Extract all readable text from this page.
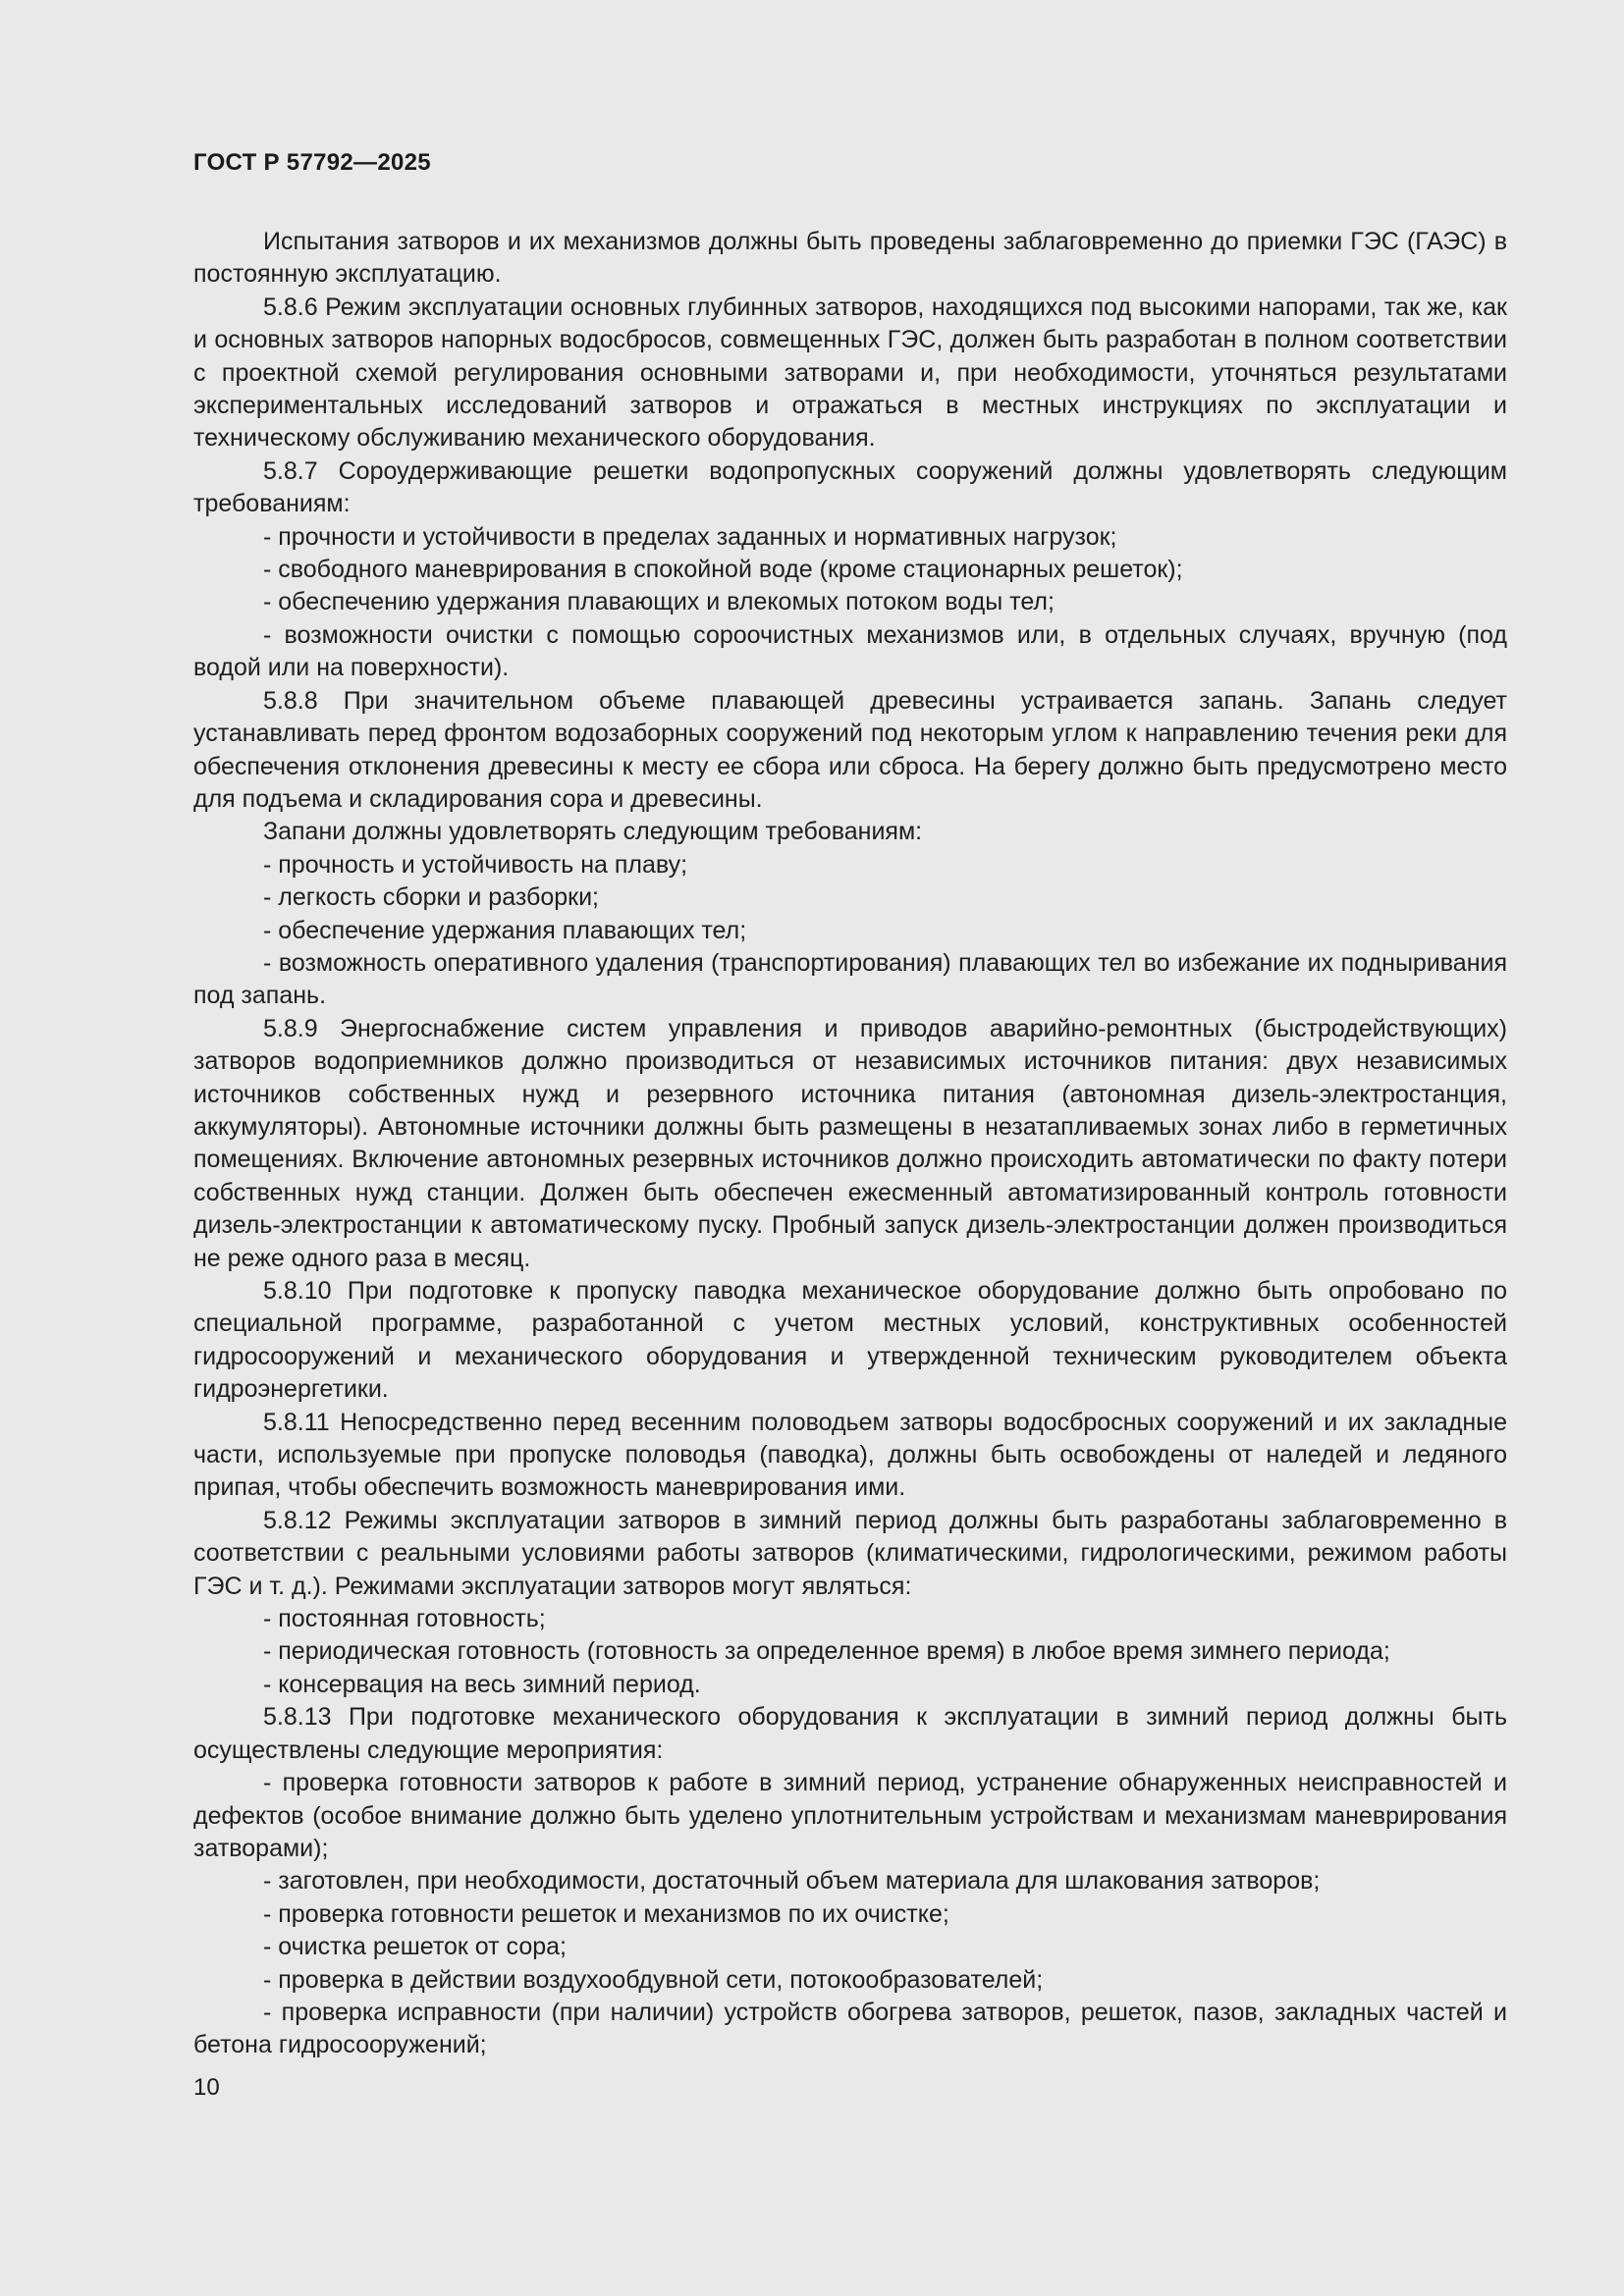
ГОСТ Р 57792—2025

Испытания затворов и их механизмов должны быть проведены заблаговременно до приемки ГЭС (ГАЭС) в постоянную эксплуатацию.

5.8.6 Режим эксплуатации основных глубинных затворов, находящихся под высокими напорами, так же, как и основных затворов напорных водосбросов, совмещенных ГЭС, должен быть разработан в полном соответствии с проектной схемой регулирования основными затворами и, при необходимости, уточняться результатами экспериментальных исследований затворов и отражаться в местных инструкциях по эксплуатации и техническому обслуживанию механического оборудования.

5.8.7 Сороудерживающие решетки водопропускных сооружений должны удовлетворять следующим требованиям:

- прочности и устойчивости в пределах заданных и нормативных нагрузок;

- свободного маневрирования в спокойной воде (кроме стационарных решеток);

- обеспечению удержания плавающих и влекомых потоком воды тел;

- возможности очистки с помощью сороочистных механизмов или, в отдельных случаях, вручную (под водой или на поверхности).

5.8.8 При значительном объеме плавающей древесины устраивается запань. Запань следует устанавливать перед фронтом водозаборных сооружений под некоторым углом к направлению течения реки для обеспечения отклонения древесины к месту ее сбора или сброса. На берегу должно быть предусмотрено место для подъема и складирования сора и древесины.

Запани должны удовлетворять следующим требованиям:

- прочность и устойчивость на плаву;

- легкость сборки и разборки;

- обеспечение удержания плавающих тел;

- возможность оперативного удаления (транспортирования) плавающих тел во избежание их подныривания под запань.

5.8.9 Энергоснабжение систем управления и приводов аварийно-ремонтных (быстродействующих) затворов водоприемников должно производиться от независимых источников питания: двух независимых источников собственных нужд и резервного источника питания (автономная дизель-электростанция, аккумуляторы). Автономные источники должны быть размещены в незатапливаемых зонах либо в герметичных помещениях. Включение автономных резервных источников должно происходить автоматически по факту потери собственных нужд станции. Должен быть обеспечен ежесменный автоматизированный контроль готовности дизель-электростанции к автоматическому пуску. Пробный запуск дизель-электростанции должен производиться не реже одного раза в месяц.

5.8.10 При подготовке к пропуску паводка механическое оборудование должно быть опробовано по специальной программе, разработанной с учетом местных условий, конструктивных особенностей гидросооружений и механического оборудования и утвержденной техническим руководителем объекта гидроэнергетики.

5.8.11 Непосредственно перед весенним половодьем затворы водосбросных сооружений и их закладные части, используемые при пропуске половодья (паводка), должны быть освобождены от наледей и ледяного припая, чтобы обеспечить возможность маневрирования ими.

5.8.12 Режимы эксплуатации затворов в зимний период должны быть разработаны заблаговременно в соответствии с реальными условиями работы затворов (климатическими, гидрологическими, режимом работы ГЭС и т. д.). Режимами эксплуатации затворов могут являться:

- постоянная готовность;

- периодическая готовность (готовность за определенное время) в любое время зимнего периода;

- консервация на весь зимний период.

5.8.13 При подготовке механического оборудования к эксплуатации в зимний период должны быть осуществлены следующие мероприятия:

- проверка готовности затворов к работе в зимний период, устранение обнаруженных неисправностей и дефектов (особое внимание должно быть уделено уплотнительным устройствам и механизмам маневрирования затворами);

- заготовлен, при необходимости, достаточный объем материала для шлакования затворов;

- проверка готовности решеток и механизмов по их очистке;

- очистка решеток от сора;

- проверка в действии воздухообдувной сети, потокообразователей;

- проверка исправности (при наличии) устройств обогрева затворов, решеток, пазов, закладных частей и бетона гидросооружений;

10
